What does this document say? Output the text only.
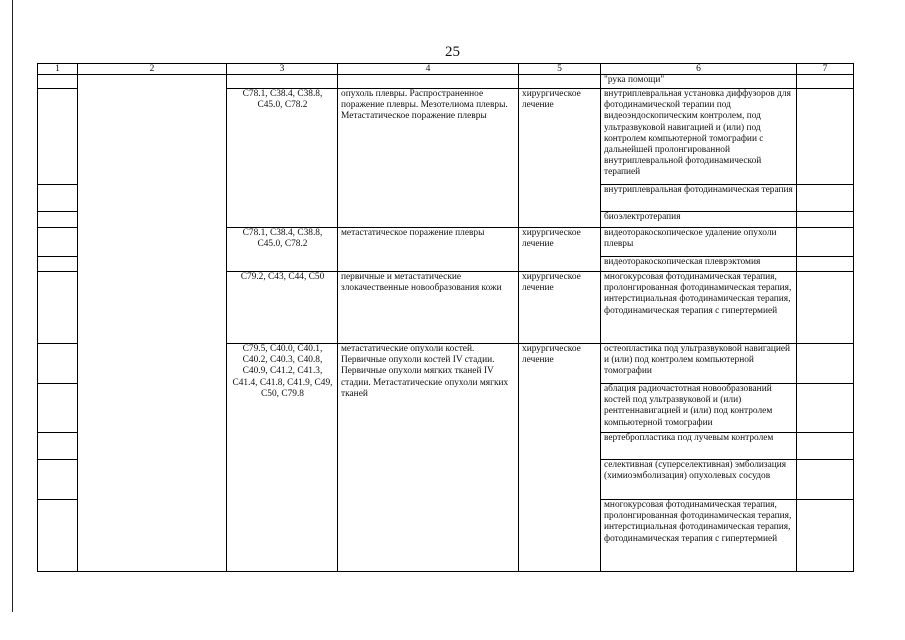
25
1	2	3	4	5	6	7
					"рука помощи"	
		C78.1, C38.4, C38.8, C45.0, C78.2	опухоль плевры. Распространенное поражение плевры. Мезотелиома плевры. Метастатическое поражение плевры	хирургическое лечение	внутриплевральная установка диффузоров для фотодинамической терапии под видеоэндоскопическим контролем, под ультразвуковой навигацией и (или) под контролем компьютерной томографии с дальнейшей пролонгированной внутриплевральной фотодинамической терапией	
					внутриплевральная фотодинамическая терапия	
					биоэлектротерапия	
		C78.1, C38.4, C38.8, C45.0, C78.2	метастатическое поражение плевры	хирургическое лечение	видеоторакоскопическое удаление опухоли плевры	
					видеоторакоскопическая плеврэктомия	
		C79.2, C43, C44, C50	первичные и метастатические злокачественные новообразования кожи	хирургическое лечение	многокурсовая фотодинамическая терапия, пролонгированная фотодинамическая терапия, интерстициальная фотодинамическая терапия, фотодинамическая терапия с гипертермией	
		C79.5, C40.0, C40.1, C40.2, C40.3, C40.8, C40.9, C41.2, C41.3, C41.4, C41.8, C41.9, C49, C50, C79.8	метастатические опухоли костей. Первичные опухоли костей IV стадии. Первичные опухоли мягких тканей IV стадии. Метастатические опухоли мягких тканей	хирургическое лечение	остеопластика под ультразвуковой навигацией и (или) под контролем компьютерной томографии	
					аблация радиочастотная новообразований костей под ультразвуковой и (или) рентгеннавигацией и (или) под контролем компьютерной томографии	
					вертебропластика под лучевым контролем	
					селективная (суперселективная) эмболизация (химиоэмболизация) опухолевых сосудов	
					многокурсовая фотодинамическая терапия, пролонгированная фотодинамическая терапия, интерстициальная фотодинамическая терапия, фотодинамическая терапия с гипертермией	
